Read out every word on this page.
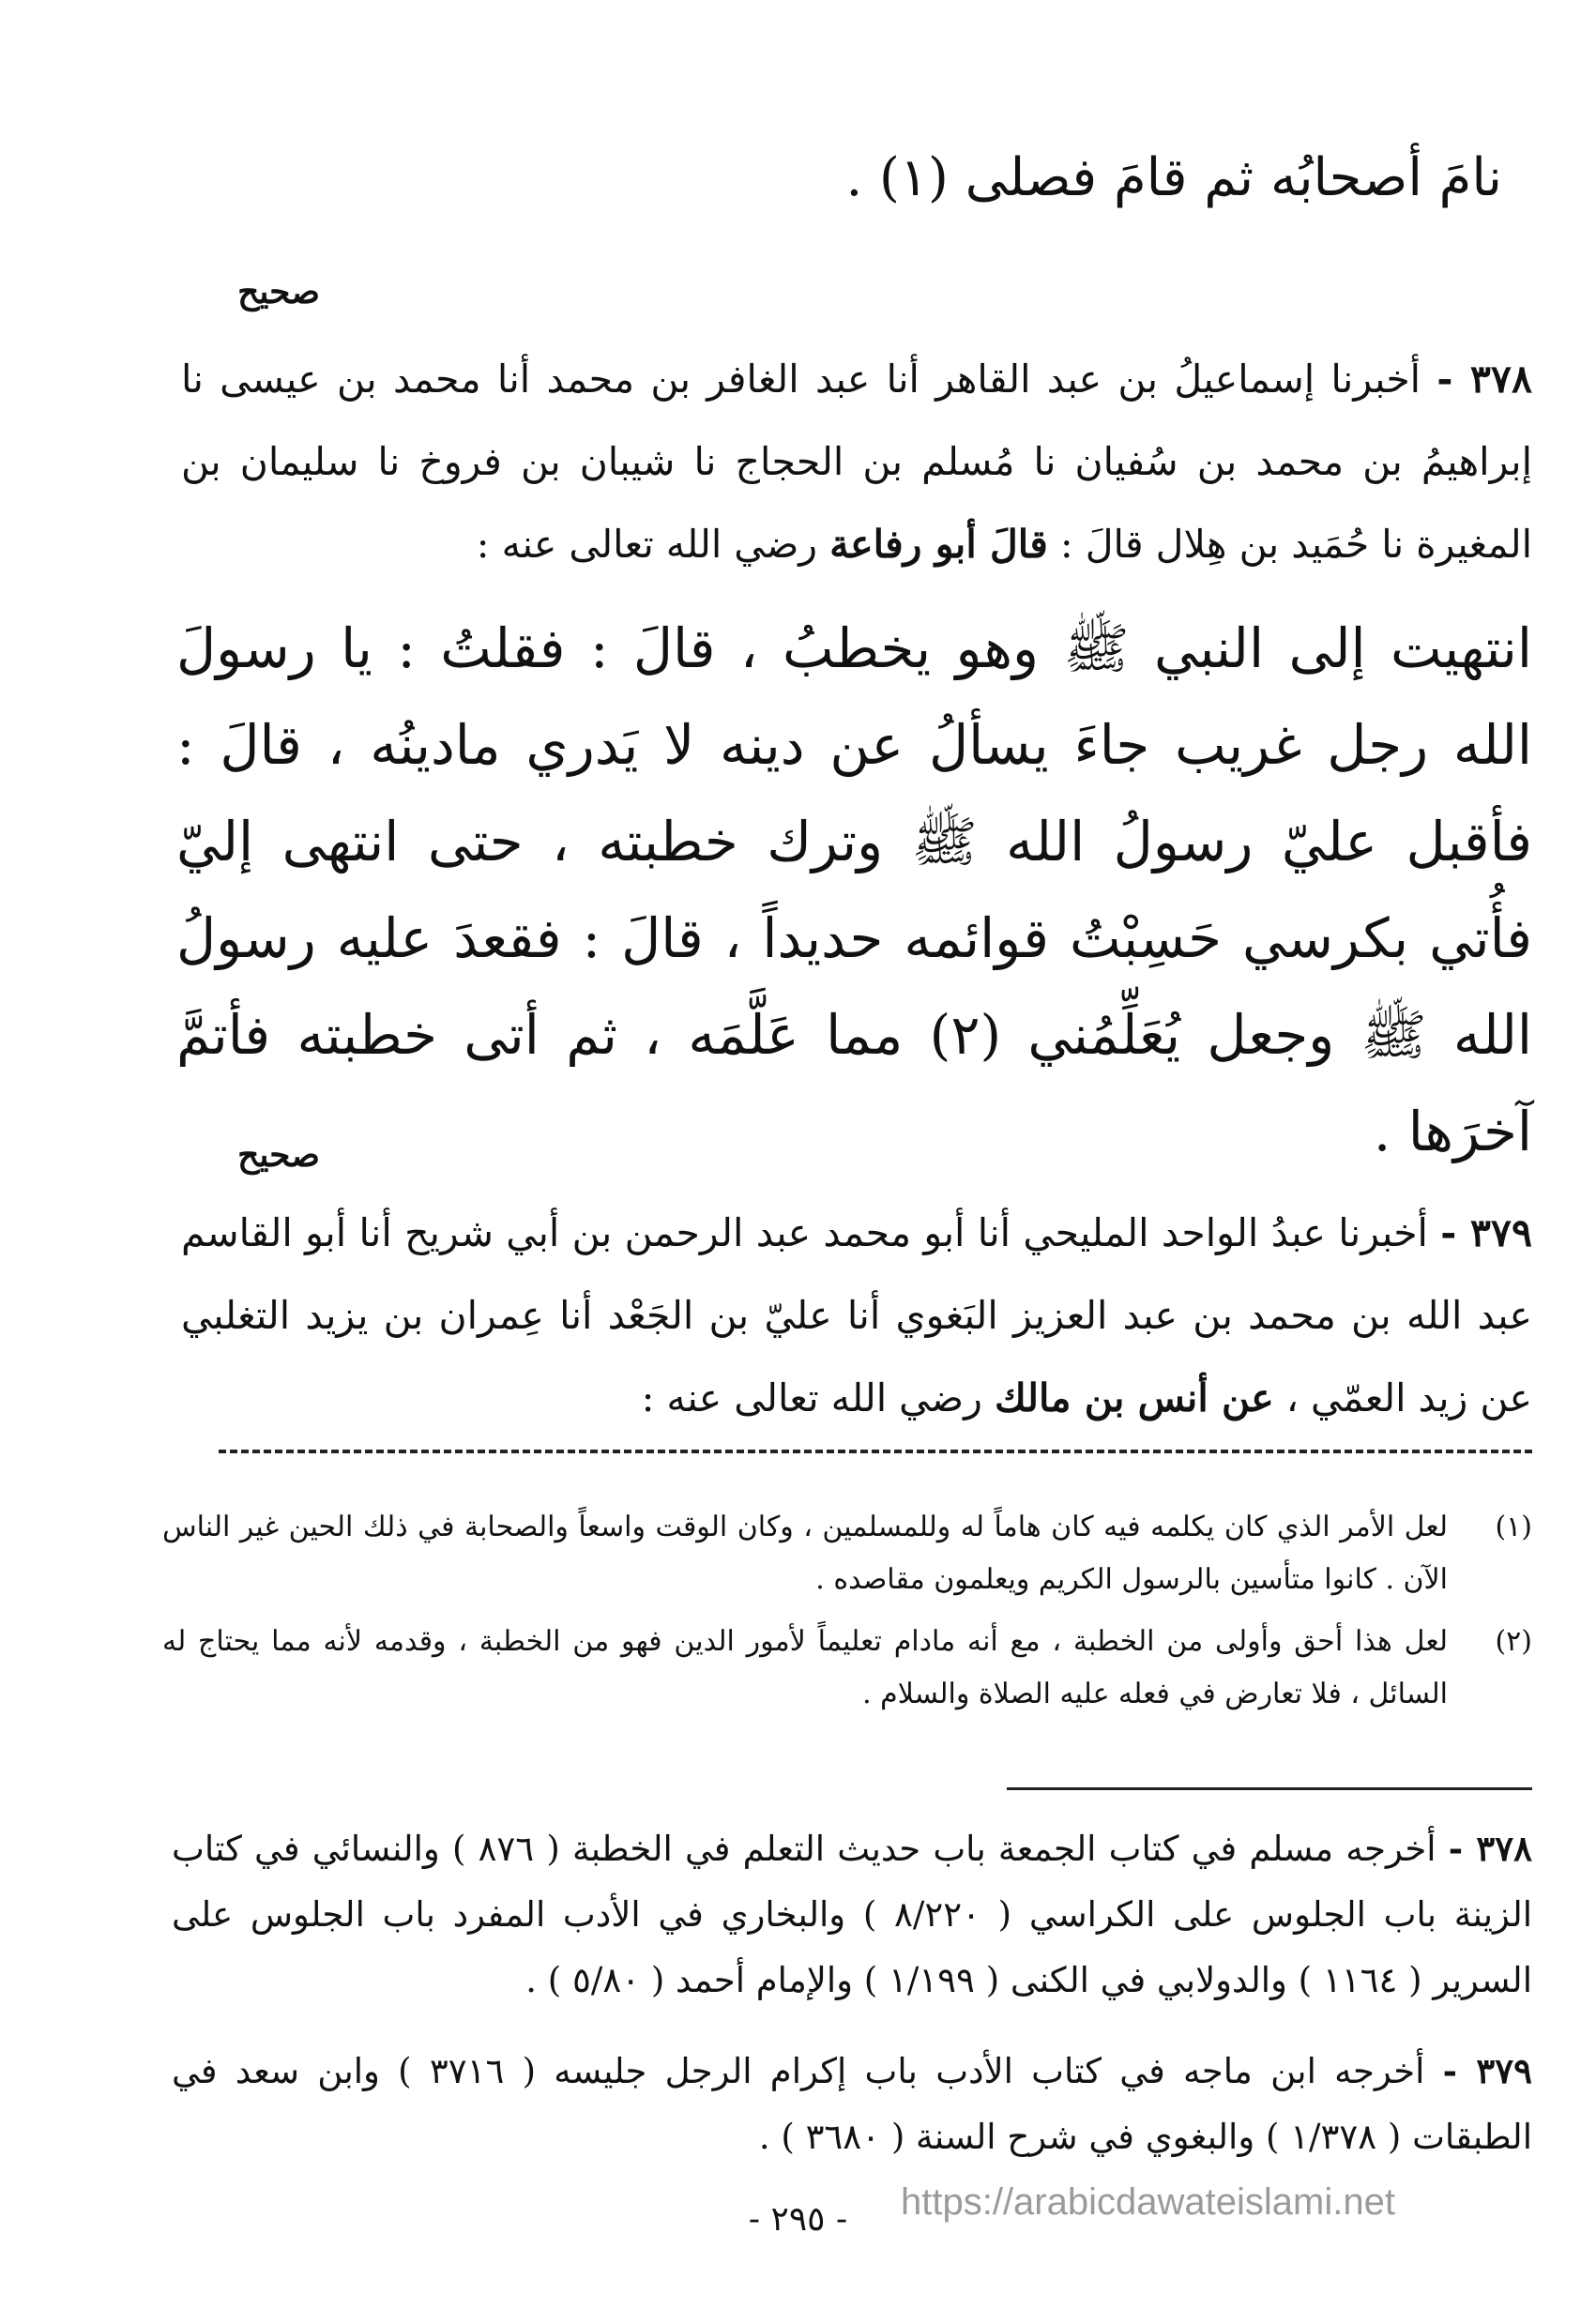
نامَ أصحابُه ثم قامَ فصلى (١) .
صحيح
٣٧٨ - أخبرنا إسماعيلُ بن عبد القاهر أنا عبد الغافر بن محمد أنا محمد بن عيسى نا إبراهيمُ بن محمد بن سُفيان نا مُسلم بن الحجاج نا شيبان بن فروخ نا سليمان بن المغيرة نا حُمَيد بن هِلال قالَ : قالَ أبو رفاعة رضي الله تعالى عنه :
انتهيت إلى النبي ﷺ وهو يخطبُ ، قالَ : فقلتُ : يا رسولَ الله رجل غريب جاءَ يسألُ عن دينه لا يَدري مادينُه ، قالَ : فأقبل عليّ رسولُ الله ﷺ وترك خطبته ، حتى انتهى إليّ فأُتي بكرسي حَسِبْتُ قوائمه حديداً ، قالَ : فقعدَ عليه رسولُ الله ﷺ وجعل يُعَلِّمُني (٢) مما عَلَّمَه ، ثم أتى خطبته فأتمَّ آخرَها .
صحيح
٣٧٩ - أخبرنا عبدُ الواحد المليحي أنا أبو محمد عبد الرحمن بن أبي شريح أنا أبو القاسم عبد الله بن محمد بن عبد العزيز البَغوي أنا عليّ بن الجَعْد أنا عِمران بن يزيد التغلبي عن زيد العمّي ، عن أنس بن مالك رضي الله تعالى عنه :
(١)
لعل الأمر الذي كان يكلمه فيه كان هاماً له وللمسلمين ، وكان الوقت واسعاً والصحابة في ذلك الحين غير الناس الآن . كانوا متأسين بالرسول الكريم ويعلمون مقاصده .
(٢)
لعل هذا أحق وأولى من الخطبة ، مع أنه مادام تعليماً لأمور الدين فهو من الخطبة ، وقدمه لأنه مما يحتاج له السائل ، فلا تعارض في فعله عليه الصلاة والسلام .
٣٧٨ - أخرجه مسلم في كتاب الجمعة باب حديث التعلم في الخطبة ( ٨٧٦ ) والنسائي في كتاب الزينة باب الجلوس على الكراسي ( ٨/٢٢٠ ) والبخاري في الأدب المفرد باب الجلوس على السرير ( ١١٦٤ ) والدولابي في الكنى ( ١/١٩٩ ) والإمام أحمد ( ٥/٨٠ ) .
٣٧٩ - أخرجه ابن ماجه في كتاب الأدب باب إكرام الرجل جليسه ( ٣٧١٦ ) وابن سعد في الطبقات ( ١/٣٧٨ ) والبغوي في شرح السنة ( ٣٦٨٠ ) .
- ٢٩٥ -	https://arabicdawateislami.net
